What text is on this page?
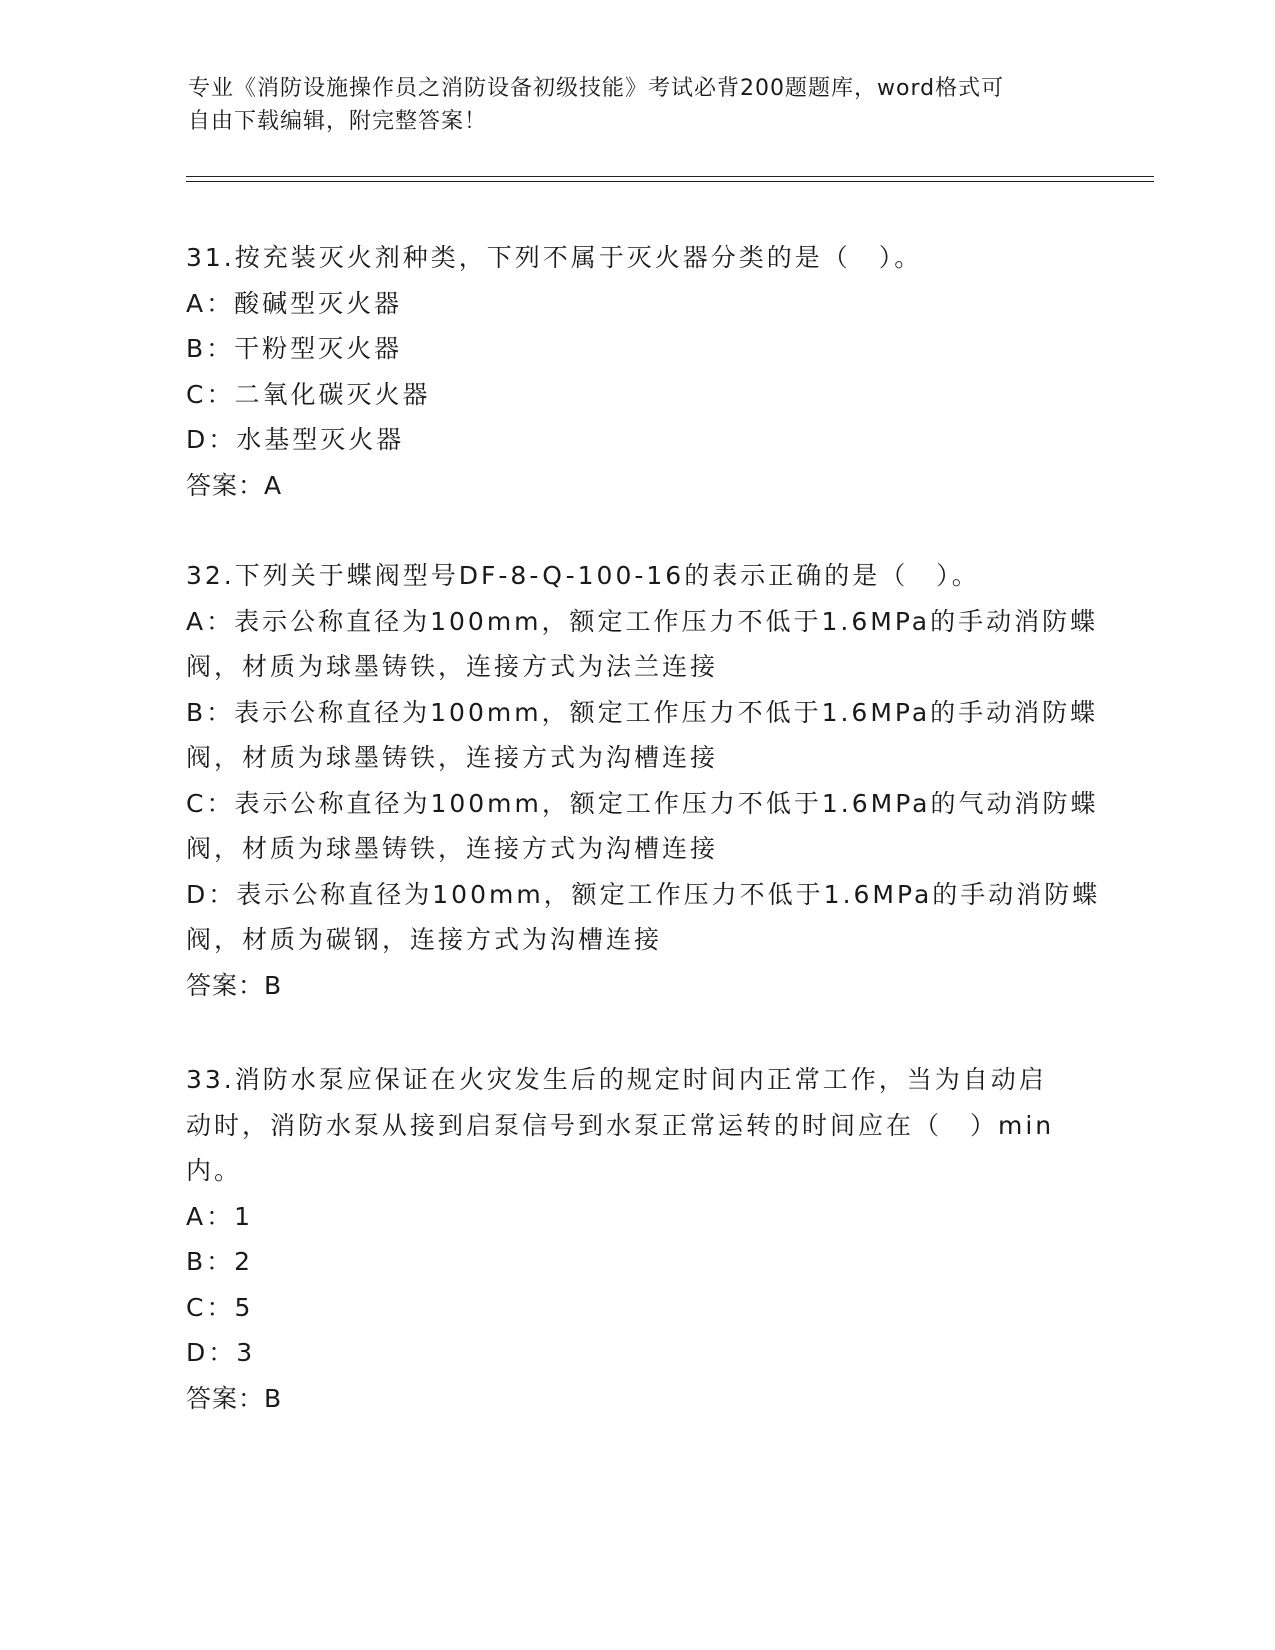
专业《消防设施操作员之消防设备初级技能》考试必背200题题库，word格式可
自由下载编辑，附完整答案！
31.按充装灭火剂种类，下列不属于灭火器分类的是（　）。
A：酸碱型灭火器
B：干粉型灭火器
C：二氧化碳灭火器
D：水基型灭火器
答案：A
32.下列关于蝶阀型号DF-8-Q-100-16的表示正确的是（　）。
A：表示公称直径为100mm，额定工作压力不低于1.6MPa的手动消防蝶
阀，材质为球墨铸铁，连接方式为法兰连接
B：表示公称直径为100mm，额定工作压力不低于1.6MPa的手动消防蝶
阀，材质为球墨铸铁，连接方式为沟槽连接
C：表示公称直径为100mm，额定工作压力不低于1.6MPa的气动消防蝶
阀，材质为球墨铸铁，连接方式为沟槽连接
D：表示公称直径为100mm，额定工作压力不低于1.6MPa的手动消防蝶
阀，材质为碳钢，连接方式为沟槽连接
答案：B
33.消防水泵应保证在火灾发生后的规定时间内正常工作，当为自动启
动时，消防水泵从接到启泵信号到水泵正常运转的时间应在（　）min
内。
A：1
B：2
C：5
D：3
答案：B
